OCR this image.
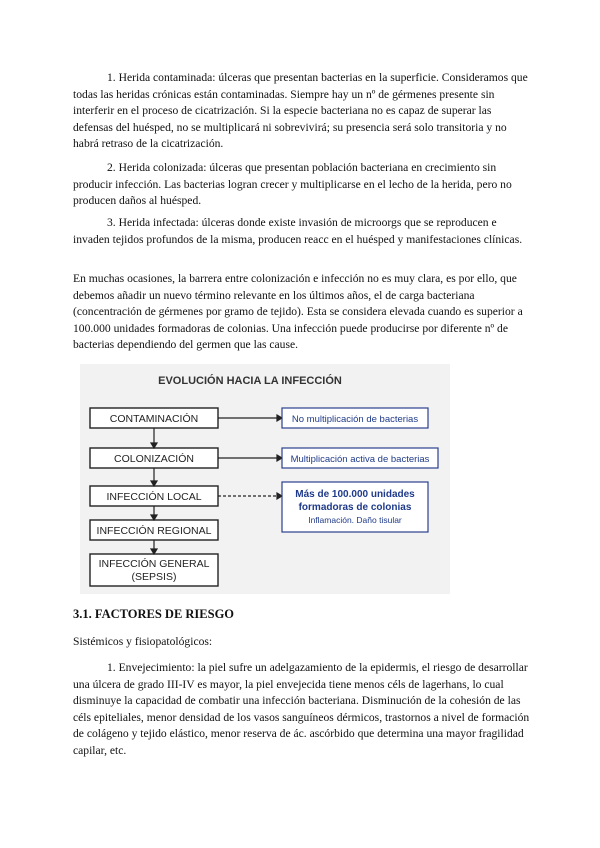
1. Herida contaminada: úlceras que presentan bacterias en la superficie. Consideramos que todas las heridas crónicas están contaminadas. Siempre hay un nº de gérmenes presente sin interferir en el proceso de cicatrización. Si la especie bacteriana no es capaz de superar las defensas del huésped, no se multiplicará ni sobrevivirá; su presencia será solo transitoria y no habrá retraso de la cicatrización.

2. Herida colonizada: úlceras que presentan población bacteriana en crecimiento sin producir infección. Las bacterias logran crecer y multiplicarse en el lecho de la herida, pero no producen daños al huésped.

3. Herida infectada: úlceras donde existe invasión de microorgs que se reproducen e invaden tejidos profundos de la misma, producen reacc en el huésped y manifestaciones clínicas.

En muchas ocasiones, la barrera entre colonización e infección no es muy clara, es por ello, que debemos añadir un nuevo término relevante en los últimos años, el de carga bacteriana (concentración de gérmenes por gramo de tejido). Esta se considera elevada cuando es superior a 100.000 unidades formadoras de colonias. Una infección puede producirse por diferente nº de bacterias dependiendo del germen que las cause.

EVOLUCIÓN HACIA LA INFECCIÓN
CONTAMINACIÓN
COLONIZACIÓN
INFECCIÓN LOCAL
INFECCIÓN REGIONAL
INFECCIÓN GENERAL
(SEPSIS)
No multiplicación de bacterias
Multiplicación activa de bacterias
Más de 100.000 unidades
formadoras de colonias
Inflamación. Daño tisular

3.1. FACTORES DE RIESGO

Sistémicos y fisiopatológicos:

1. Envejecimiento: la piel sufre un adelgazamiento de la epidermis, el riesgo de desarrollar una úlcera de grado III-IV es mayor, la piel envejecida tiene menos céls de lagerhans, lo cual disminuye la capacidad de combatir una infección bacteriana. Disminución de la cohesión de las céls epiteliales, menor densidad de los vasos sanguíneos dérmicos, trastornos a nivel de formación de colágeno y tejido elástico, menor reserva de ác. ascórbido que determina una mayor fragilidad capilar, etc.
